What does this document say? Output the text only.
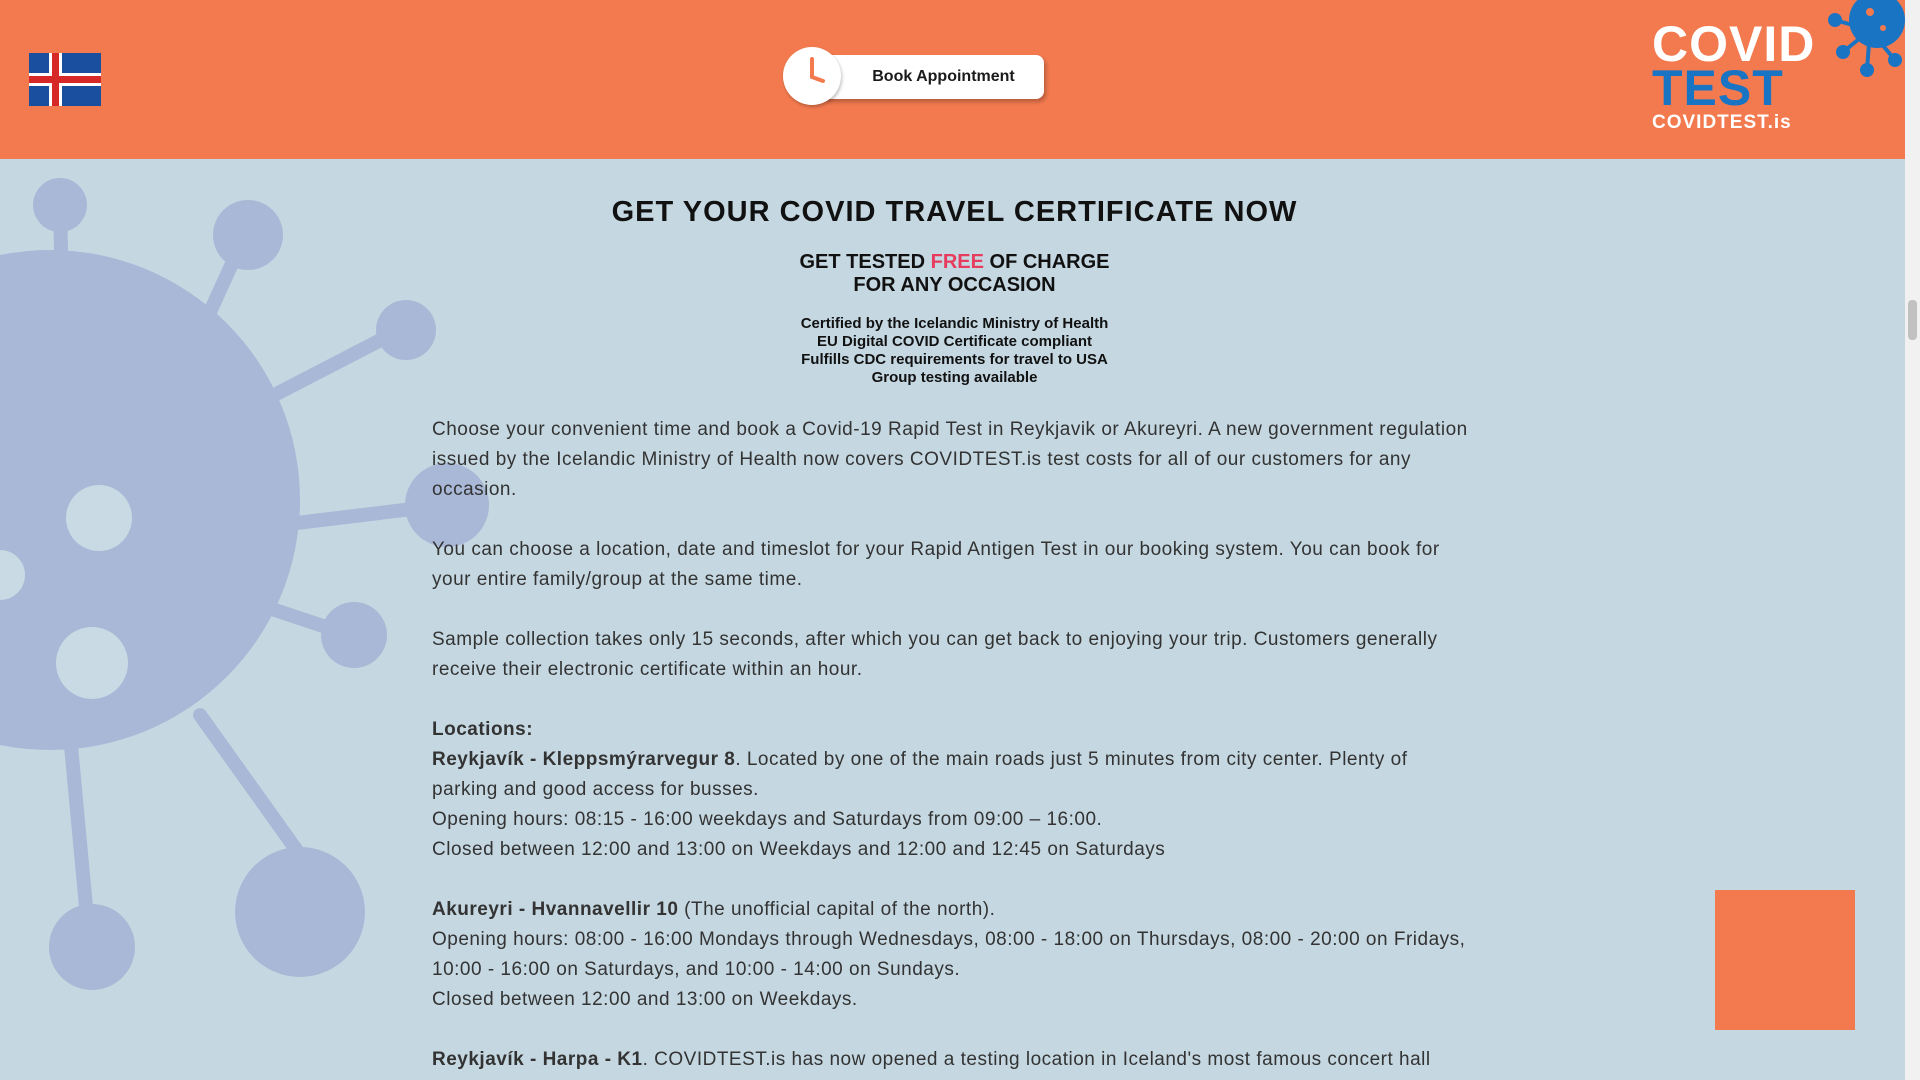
Book Appointment
COVID
TEST
COVIDTEST.is
GET YOUR COVID TRAVEL CERTIFICATE NOW
GET TESTED FREE OF CHARGE
FOR ANY OCCASION
Certified by the Icelandic Ministry of Health
EU Digital COVID Certificate compliant
Fulfills CDC requirements for travel to USA
Group testing available

Choose your convenient time and book a Covid-19 Rapid Test in Reykjavik or Akureyri. A new government regulation issued by the Icelandic Ministry of Health now covers COVIDTEST.is test costs for all of our customers for any occasion.

You can choose a location, date and timeslot for your Rapid Antigen Test in our booking system. You can book for your entire family/group at the same time.

Sample collection takes only 15 seconds, after which you can get back to enjoying your trip. Customers generally receive their electronic certificate within an hour.

Locations:

Reykjavík - Kleppsmýrarvegur 8. Located by one of the main roads just 5 minutes from city center. Plenty of parking and good access for busses.

Opening hours: 08:15 - 16:00 weekdays and Saturdays from 09:00 – 16:00.

Closed between 12:00 and 13:00 on Weekdays and 12:00 and 12:45 on Saturdays

Akureyri - Hvannavellir 10 (The unofficial capital of the north).

Opening hours: 08:00 - 16:00 Mondays through Wednesdays, 08:00 - 18:00 on Thursdays, 08:00 - 20:00 on Fridays, 10:00 - 16:00 on Saturdays, and 10:00 - 14:00 on Sundays.

Closed between 12:00 and 13:00 on Weekdays.

Reykjavík - Harpa - K1. COVIDTEST.is has now opened a testing location in Iceland's most famous concert hall
